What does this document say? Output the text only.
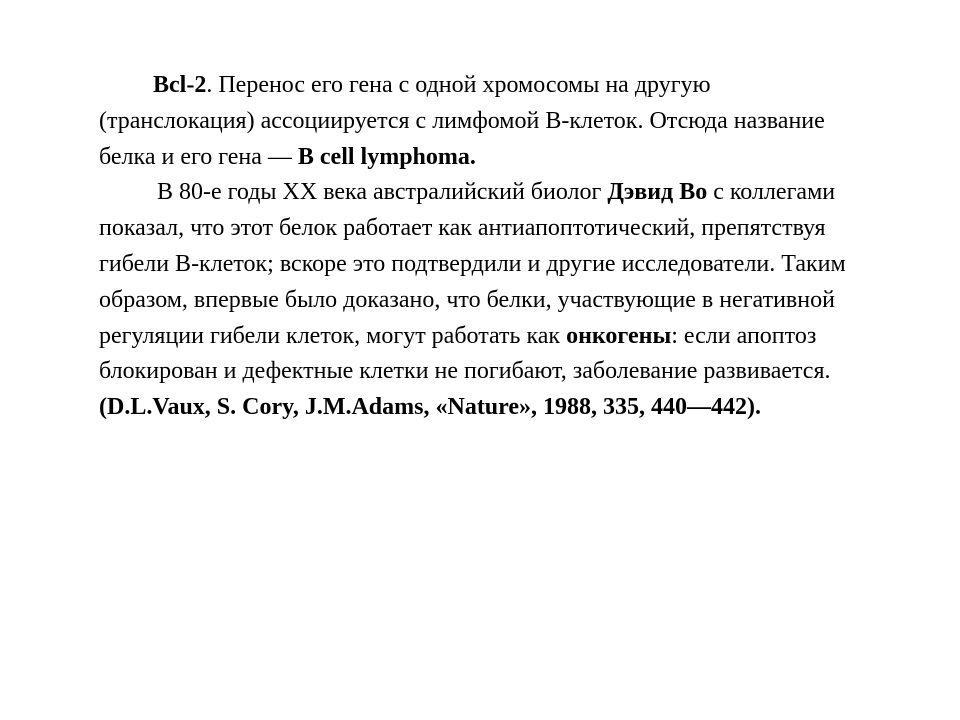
Bcl-2. Перенос его гена с одной хромосомы на другую (транслокация) ассоциируется с лимфомой B-клеток. Отсюда название белка и его гена — B cell lymphoma.

В 80-е годы XX века австралийский биолог Дэвид Во с коллегами показал, что этот белок работает как антиапоптотический, препятствуя гибели B-клеток; вскоре это подтвердили и другие исследователи. Таким образом, впервые было доказано, что белки, участвующие в негативной регуляции гибели клеток, могут работать как онкогены: если апоптоз блокирован и дефектные клетки не погибают, заболевание развивается.

(D.L.Vaux, S. Cory, J.M.Adams, «Nature», 1988, 335, 440—442).
